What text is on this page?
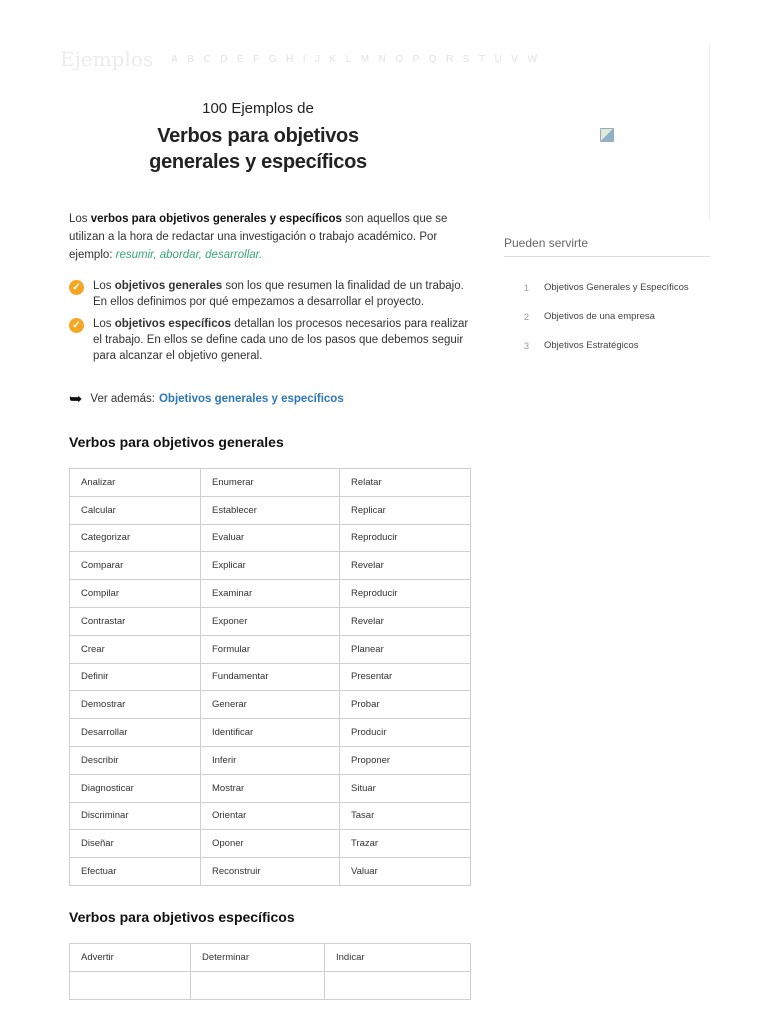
Ejemplos A B C D E F G H I J K L M N O P Q R S T U V W
100 Ejemplos de
Verbos para objetivos
generales y específicos
Los verbos para objetivos generales y específicos son aquellos que se utilizan a la hora de redactar una investigación o trabajo académico. Por ejemplo: resumir, abordar, desarrollar.
✓ Los objetivos generales son los que resumen la finalidad de un trabajo. En ellos definimos por qué empezamos a desarrollar el proyecto.
✓ Los objetivos específicos detallan los procesos necesarios para realizar el trabajo. En ellos se define cada uno de los pasos que debemos seguir para alcanzar el objetivo general.
➥ Ver además: Objetivos generales y específicos
Verbos para objetivos generales
Analizar	Enumerar	Relatar
Calcular	Establecer	Replicar
Categorizar	Evaluar	Reproducir
Comparar	Explicar	Revelar
Compilar	Examinar	Reproducir
Contrastar	Exponer	Revelar
Crear	Formular	Planear
Definir	Fundamentar	Presentar
Demostrar	Generar	Probar
Desarrollar	Identificar	Producir
Describir	Inferir	Proponer
Diagnosticar	Mostrar	Situar
Discriminar	Orientar	Tasar
Diseñar	Oponer	Trazar
Efectuar	Reconstruir	Valuar
Verbos para objetivos específicos
Advertir	Determinar	Indicar

Pueden servirte
1	Objetivos Generales y Específicos
2	Objetivos de una empresa
3	Objetivos Estratégicos
